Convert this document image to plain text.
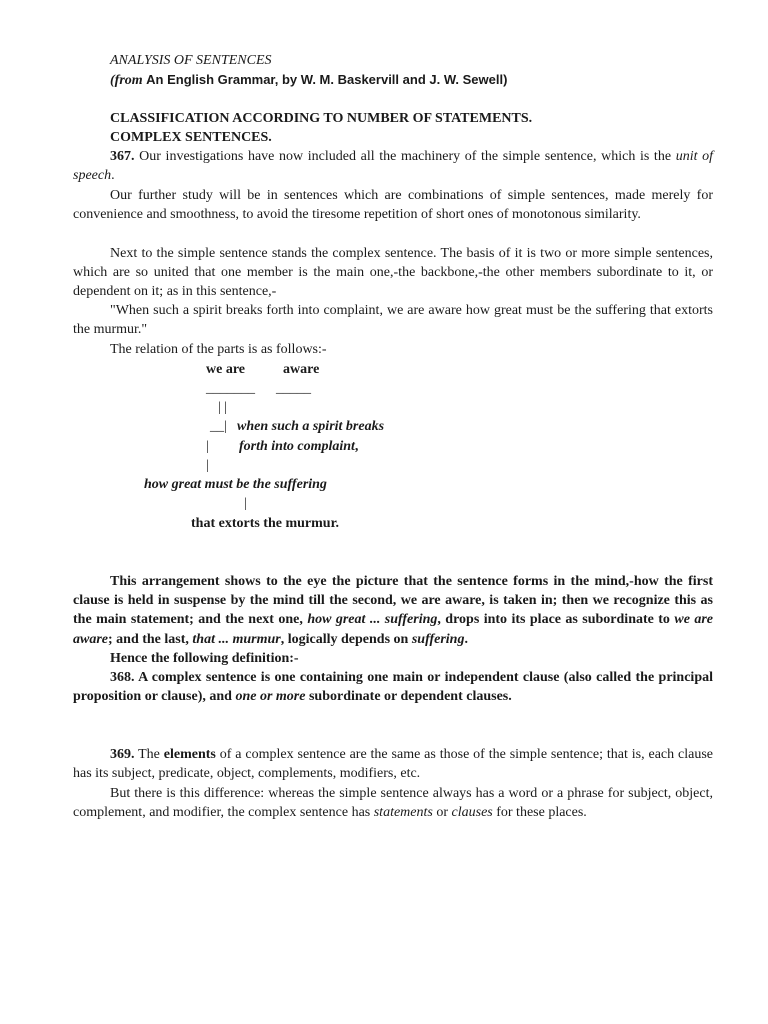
ANALYSIS OF SENTENCES
(from An English Grammar, by W. M. Baskervill and J. W. Sewell)
CLASSIFICATION ACCORDING TO NUMBER OF STATEMENTS.
COMPLEX SENTENCES.

367. Our investigations have now included all the machinery of the simple sentence, which is the unit of speech.

Our further study will be in sentences which are combinations of simple sentences, made merely for convenience and smoothness, to avoid the tiresome repetition of short ones of monotonous similarity.

Next to the simple sentence stands the complex sentence. The basis of it is two or more simple sentences, which are so united that one member is the main one,-the backbone,-the other members subordinate to it, or dependent on it; as in this sentence,-

"When such a spirit breaks forth into complaint, we are aware how great must be the suffering that extorts the murmur."

The relation of the parts is as follows:-
we are	aware
_______ _____
| |
__| when such a spirit breaks
| forth into complaint,
|
how great must be the suffering
|
that extorts the murmur.

This arrangement shows to the eye the picture that the sentence forms in the mind,-how the first clause is held in suspense by the mind till the second, we are aware, is taken in; then we recognize this as the main statement; and the next one, how great ... suffering, drops into its place as subordinate to we are aware; and the last, that ... murmur, logically depends on suffering.

Hence the following definition:-

368. A complex sentence is one containing one main or independent clause (also called the principal proposition or clause), and one or more subordinate or dependent clauses.

369. The elements of a complex sentence are the same as those of the simple sentence; that is, each clause has its subject, predicate, object, complements, modifiers, etc.

But there is this difference: whereas the simple sentence always has a word or a phrase for subject, object, complement, and modifier, the complex sentence has statements or clauses for these places.
